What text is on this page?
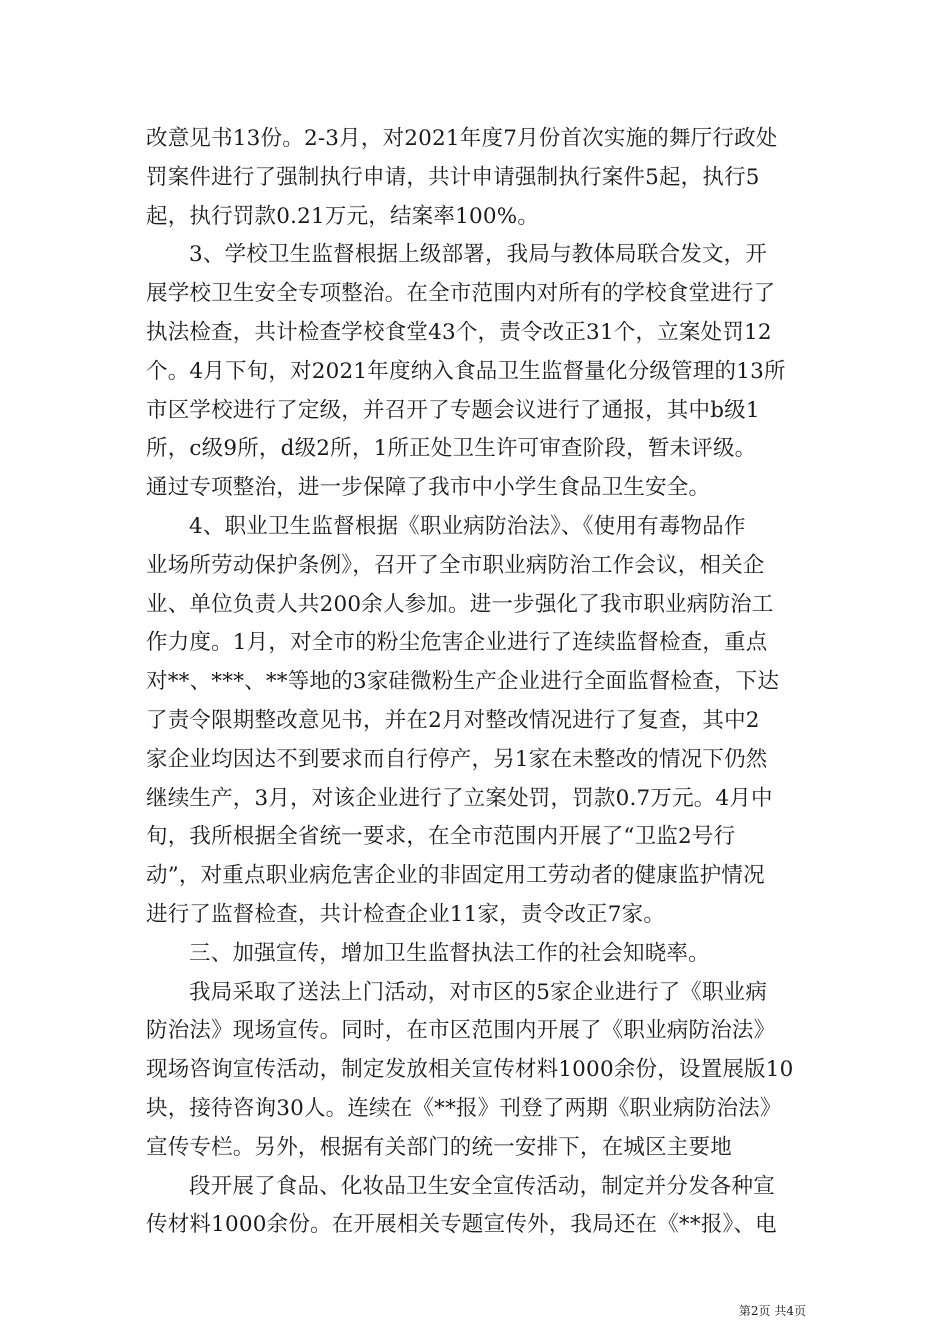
改意见书13份。2-3月，对2021年度7月份首次实施的舞厅行政处
罚案件进行了强制执行申请，共计申请强制执行案件5起，执行5
起，执行罚款0.21万元，结案率100%。
3、学校卫生监督根据上级部署，我局与教体局联合发文，开
展学校卫生安全专项整治。在全市范围内对所有的学校食堂进行了
执法检查，共计检查学校食堂43个，责令改正31个，立案处罚12
个。4月下旬，对2021年度纳入食品卫生监督量化分级管理的13所
市区学校进行了定级，并召开了专题会议进行了通报，其中b级1
所，c级9所，d级2所，1所正处卫生许可审查阶段，暂未评级。
通过专项整治，进一步保障了我市中小学生食品卫生安全。
4、职业卫生监督根据《职业病防治法》、《使用有毒物品作
业场所劳动保护条例》，召开了全市职业病防治工作会议，相关企
业、单位负责人共200余人参加。进一步强化了我市职业病防治工
作力度。1月，对全市的粉尘危害企业进行了连续监督检查，重点
对**、***、**等地的3家硅微粉生产企业进行全面监督检查，下达
了责令限期整改意见书，并在2月对整改情况进行了复查，其中2
家企业均因达不到要求而自行停产，另1家在未整改的情况下仍然
继续生产，3月，对该企业进行了立案处罚，罚款0.7万元。4月中
旬，我所根据全省统一要求，在全市范围内开展了“卫监2号行
动”，对重点职业病危害企业的非固定用工劳动者的健康监护情况
进行了监督检查，共计检查企业11家，责令改正7家。
三、加强宣传，增加卫生监督执法工作的社会知晓率。
我局采取了送法上门活动，对市区的5家企业进行了《职业病
防治法》现场宣传。同时，在市区范围内开展了《职业病防治法》
现场咨询宣传活动，制定发放相关宣传材料1000余份，设置展版10
块，接待咨询30人。连续在《**报》刊登了两期《职业病防治法》
宣传专栏。另外，根据有关部门的统一安排下，在城区主要地
段开展了食品、化妆品卫生安全宣传活动，制定并分发各种宣
传材料1000余份。在开展相关专题宣传外，我局还在《**报》、电
第2页 共4页
